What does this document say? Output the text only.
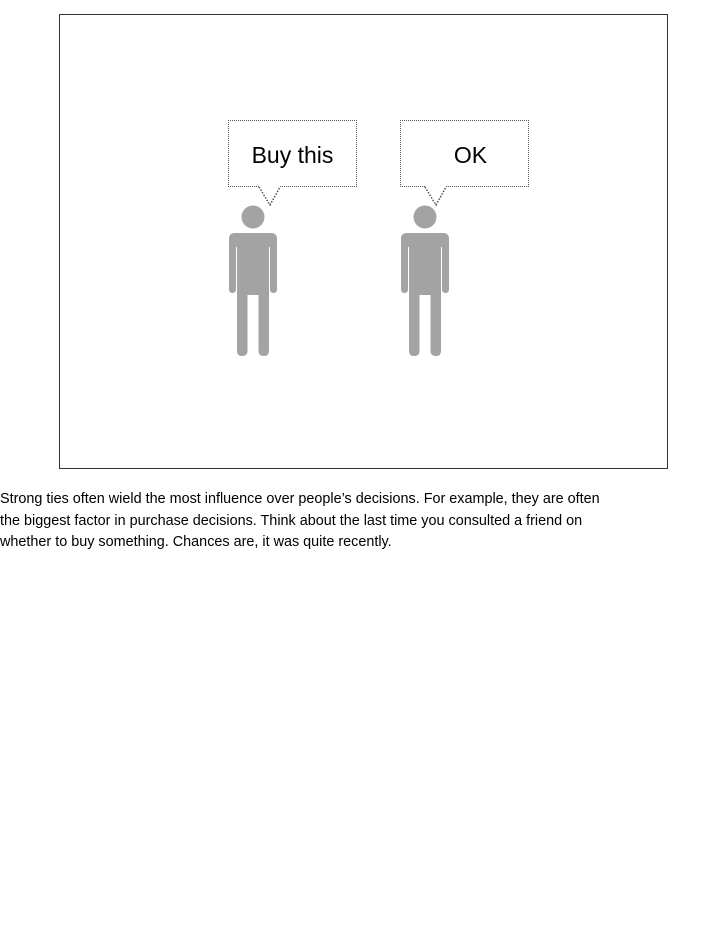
Buy this	OK
Strong ties often wield the most influence over people’s decisions. For example, they are often
the biggest factor in purchase decisions. Think about the last time you consulted a friend on
whether to buy something. Chances are, it was quite recently.
